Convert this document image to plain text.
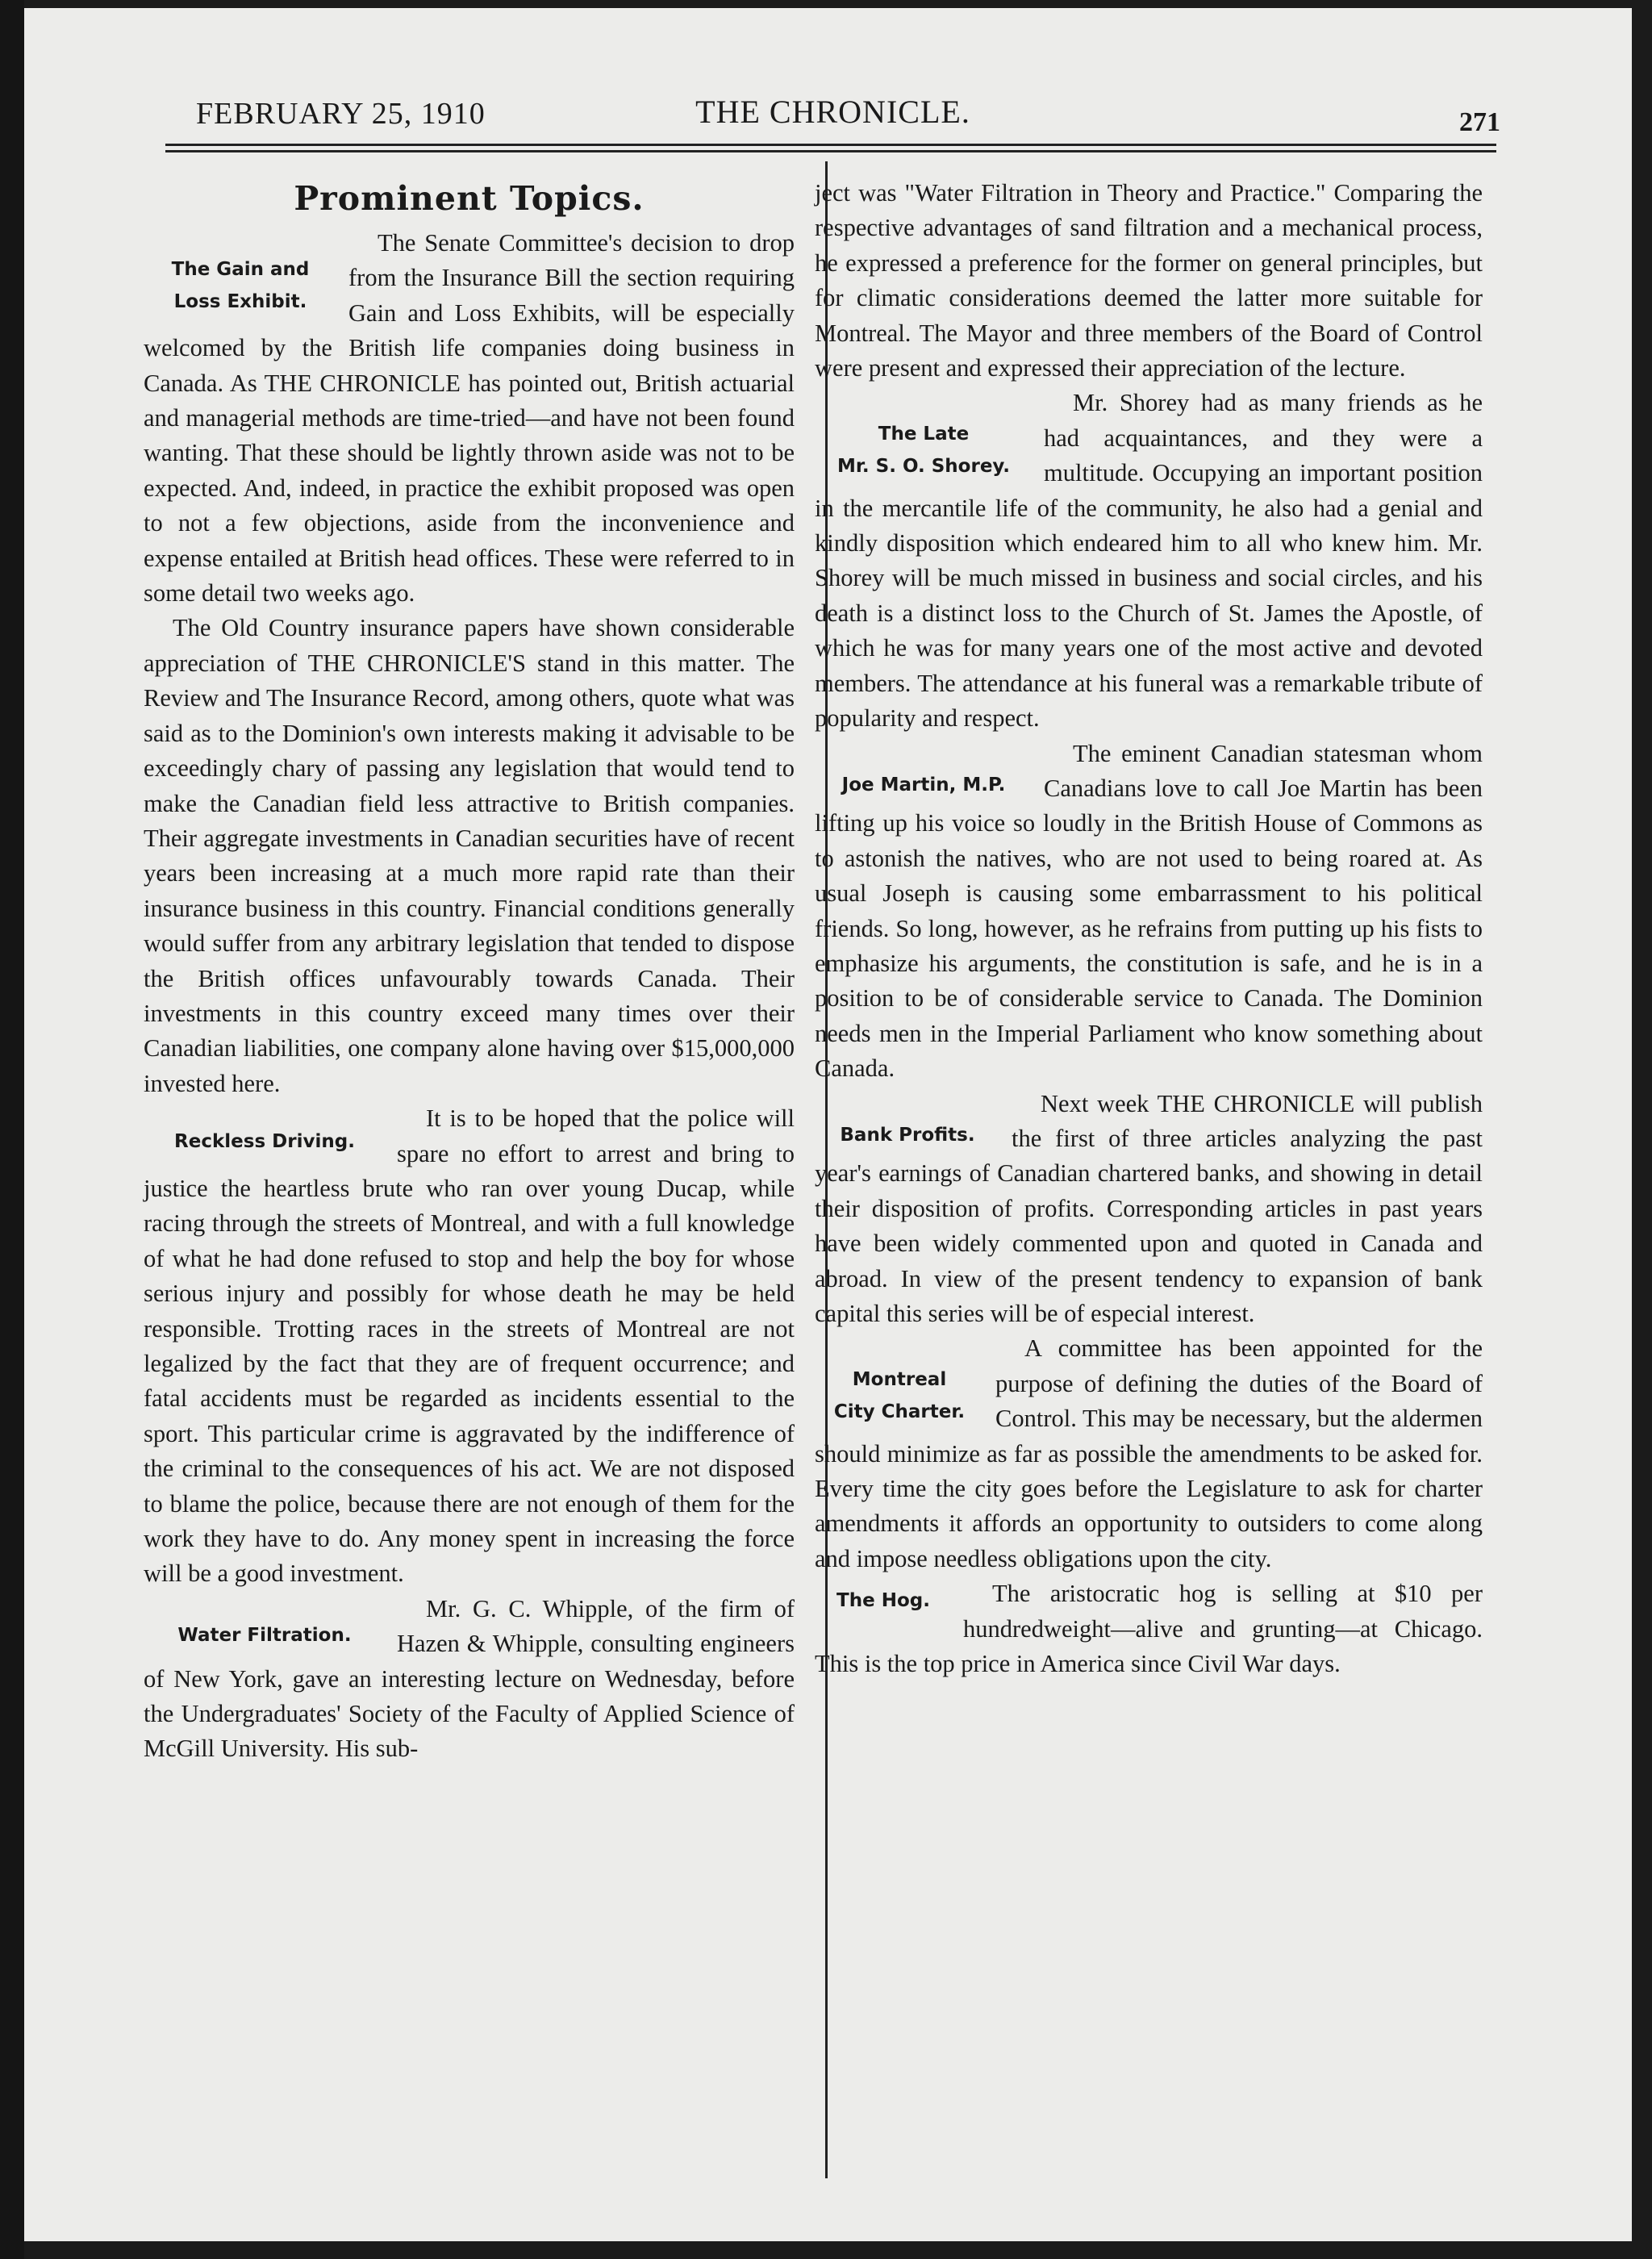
FEBRUARY 25, 1910	THE CHRONICLE.	271
Prominent Topics.
The Gain and
Loss Exhibit.

The Senate Committee's decision to drop from the Insurance Bill the section requiring Gain and Loss Exhibits, will be especially welcomed by the British life companies doing business in Canada. As THE CHRONICLE has pointed out, British actuarial and managerial methods are time-tried—and have not been found wanting. That these should be lightly thrown aside was not to be expected. And, indeed, in practice the exhibit proposed was open to not a few objections, aside from the inconvenience and expense entailed at British head offices. These were referred to in some detail two weeks ago.

The Old Country insurance papers have shown considerable appreciation of THE CHRONICLE'S stand in this matter. The Review and The Insurance Record, among others, quote what was said as to the Dominion's own interests making it advisable to be exceedingly chary of passing any legislation that would tend to make the Canadian field less attractive to British companies. Their aggregate investments in Canadian securities have of recent years been increasing at a much more rapid rate than their insurance business in this country. Financial conditions generally would suffer from any arbitrary legislation that tended to dispose the British offices unfavourably towards Canada. Their investments in this country exceed many times over their Canadian liabilities, one company alone having over $15,000,000 invested here.

Reckless Driving.

It is to be hoped that the police will spare no effort to arrest and bring to justice the heartless brute who ran over young Ducap, while racing through the streets of Montreal, and with a full knowledge of what he had done refused to stop and help the boy for whose serious injury and possibly for whose death he may be held responsible. Trotting races in the streets of Montreal are not legalized by the fact that they are of frequent occurrence; and fatal accidents must be regarded as incidents essential to the sport. This particular crime is aggravated by the indifference of the criminal to the consequences of his act. We are not disposed to blame the police, because there are not enough of them for the work they have to do. Any money spent in increasing the force will be a good investment.

Water Filtration.

Mr. G. C. Whipple, of the firm of Hazen & Whipple, consulting engineers of New York, gave an interesting lecture on Wednesday, before the Undergraduates' Society of the Faculty of Applied Science of McGill University. His sub-

ject was "Water Filtration in Theory and Practice." Comparing the respective advantages of sand filtration and a mechanical process, he expressed a preference for the former on general principles, but for climatic considerations deemed the latter more suitable for Montreal. The Mayor and three members of the Board of Control were present and expressed their appreciation of the lecture.

The Late
Mr. S. O. Shorey.

Mr. Shorey had as many friends as he had acquaintances, and they were a multitude. Occupying an important position in the mercantile life of the community, he also had a genial and kindly disposition which endeared him to all who knew him. Mr. Shorey will be much missed in business and social circles, and his death is a distinct loss to the Church of St. James the Apostle, of which he was for many years one of the most active and devoted members. The attendance at his funeral was a remarkable tribute of popularity and respect.

Joe Martin, M.P.

The eminent Canadian statesman whom Canadians love to call Joe Martin has been lifting up his voice so loudly in the British House of Commons as to astonish the natives, who are not used to being roared at. As usual Joseph is causing some embarrassment to his political friends. So long, however, as he refrains from putting up his fists to emphasize his arguments, the constitution is safe, and he is in a position to be of considerable service to Canada. The Dominion needs men in the Imperial Parliament who know something about Canada.

Bank Profits.

Next week THE CHRONICLE will publish the first of three articles analyzing the past year's earnings of Canadian chartered banks, and showing in detail their disposition of profits. Corresponding articles in past years have been widely commented upon and quoted in Canada and abroad. In view of the present tendency to expansion of bank capital this series will be of especial interest.

Montreal
City Charter.

A committee has been appointed for the purpose of defining the duties of the Board of Control. This may be necessary, but the aldermen should minimize as far as possible the amendments to be asked for. Every time the city goes before the Legislature to ask for charter amendments it affords an opportunity to outsiders to come along and impose needless obligations upon the city.

The Hog.	The aristocratic hog is selling at $10 per hundredweight—alive and grunting—at Chicago. This is the top price in America since Civil War days.
